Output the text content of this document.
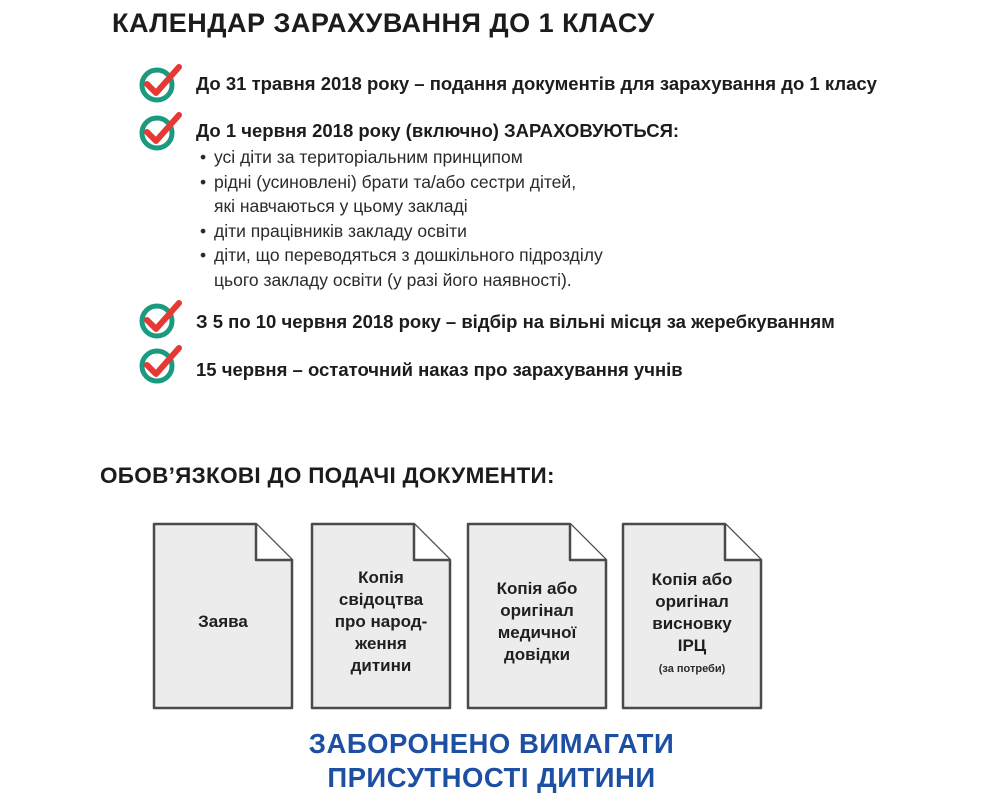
КАЛЕНДАР ЗАРАХУВАННЯ ДО 1 КЛАСУ
До 31 травня 2018 року – подання документів для зарахування до 1 класу
До 1 червня 2018 року (включно) ЗАРАХОВУЮТЬСЯ:
• усі діти за територіальним принципом
• рідні (усиновлені) брати та/або сестри дітей,
які навчаються у цьому закладі
• діти працівників закладу освіти
• діти, що переводяться з дошкільного підрозділу
цього закладу освіти (у разі його наявності).
З 5 по 10 червня 2018 року – відбір на вільні місця за жеребкуванням
15 червня – остаточний наказ про зарахування учнів
ОБОВ’ЯЗКОВІ ДО ПОДАЧІ ДОКУМЕНТИ:
Заява
Копія
свідоцтва
про народ-
ження
дитини
Копія або
оригінал
медичної
довідки
Копія або
оригінал
висновку
ІРЦ
(за потреби)

ЗАБОРОНЕНО ВИМАГАТИ

ПРИСУТНОСТІ ДИТИНИ
